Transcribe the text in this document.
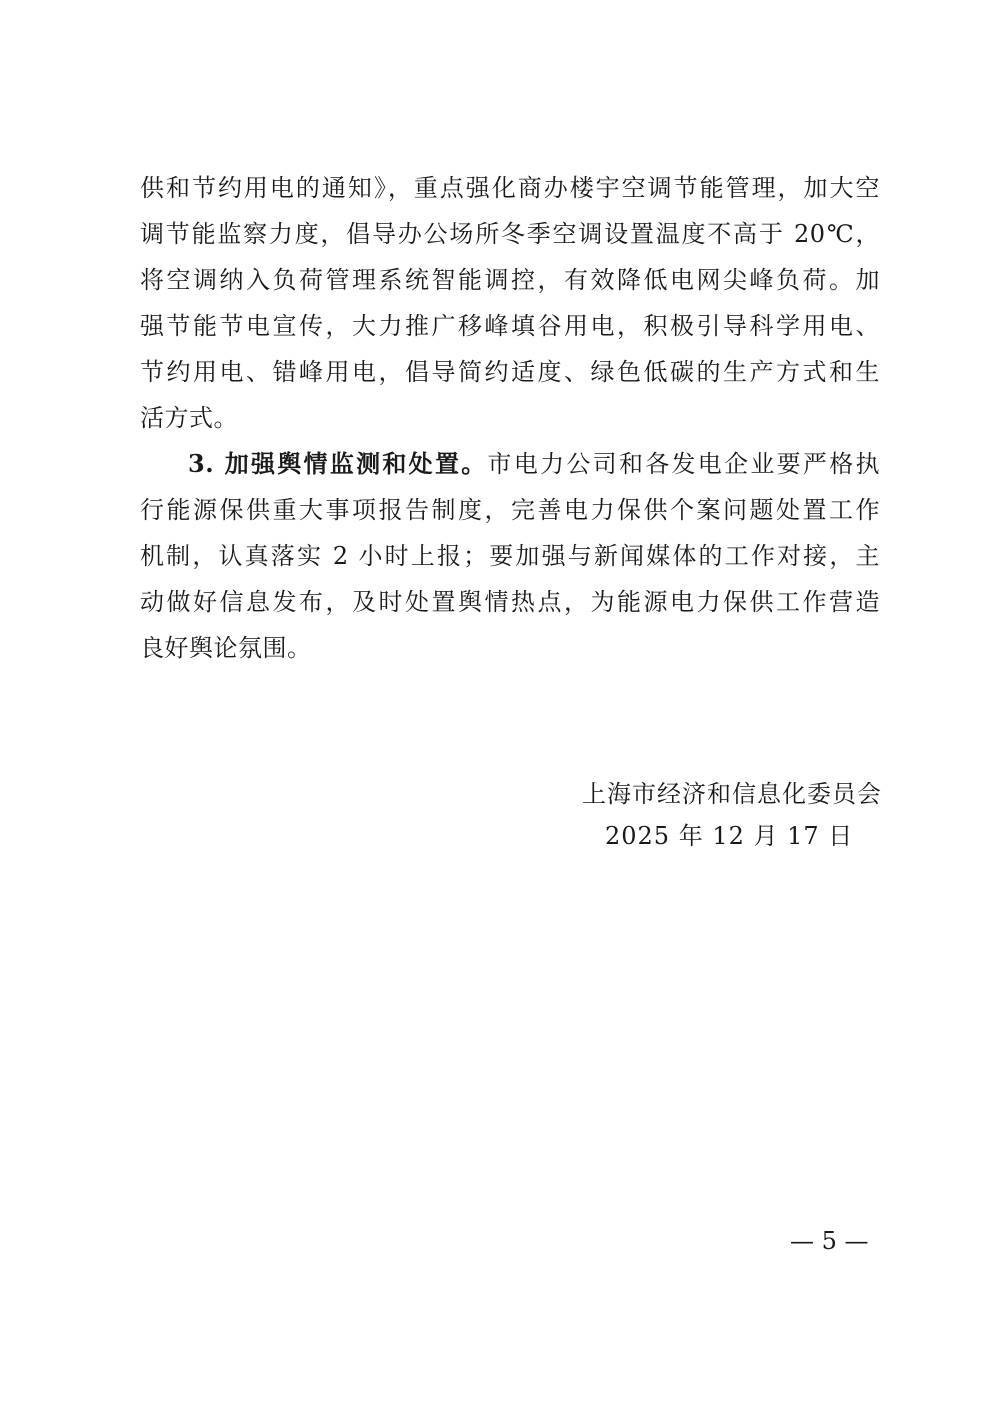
供和节约用电的通知》，重点强化商办楼宇空调节能管理，加大空
调节能监察力度，倡导办公场所冬季空调设置温度不高于 20℃，
将空调纳入负荷管理系统智能调控，有效降低电网尖峰负荷。加
强节能节电宣传，大力推广移峰填谷用电，积极引导科学用电、
节约用电、错峰用电，倡导简约适度、绿色低碳的生产方式和生
活方式。
3. 加强舆情监测和处置。市电力公司和各发电企业要严格执
行能源保供重大事项报告制度，完善电力保供个案问题处置工作
机制，认真落实 2 小时上报；要加强与新闻媒体的工作对接，主
动做好信息发布，及时处置舆情热点，为能源电力保供工作营造
良好舆论氛围。
上海市经济和信息化委员会
2025 年 12 月 17 日
— 5 —
